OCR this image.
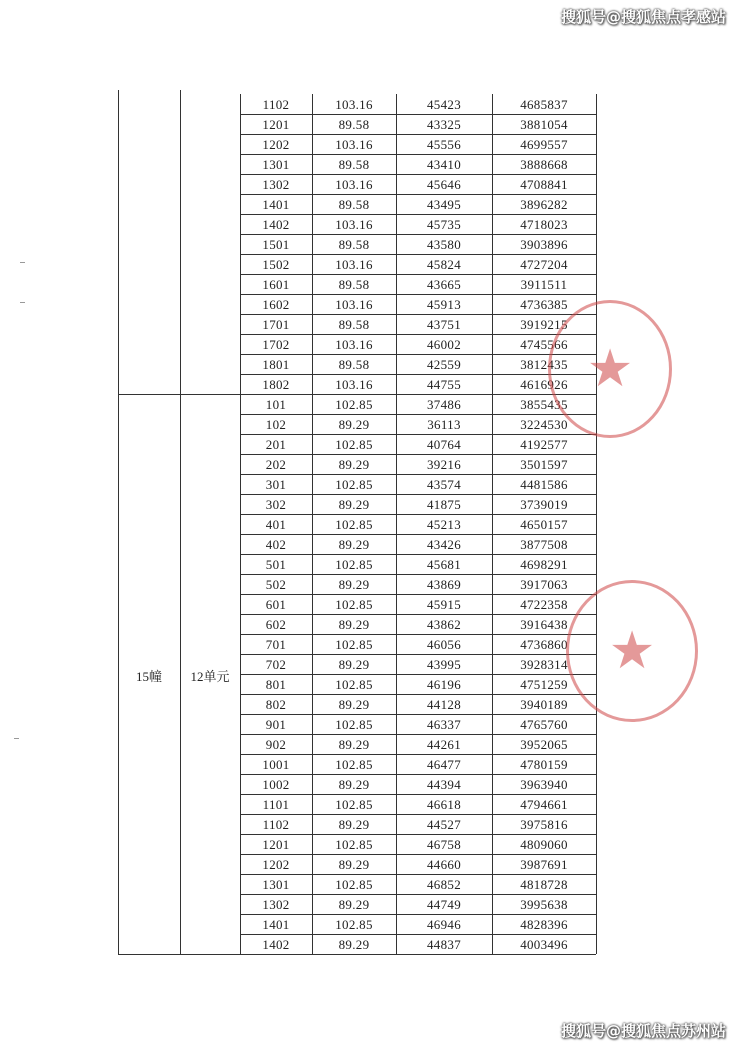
搜狐号@搜狐焦点孝感站
1102	103.16	45423	4685837
1201	89.58	43325	3881054
1202	103.16	45556	4699557
1301	89.58	43410	3888668
1302	103.16	45646	4708841
1401	89.58	43495	3896282
1402	103.16	45735	4718023
1501	89.58	43580	3903896
1502	103.16	45824	4727204
1601	89.58	43665	3911511
1602	103.16	45913	4736385
1701	89.58	43751	3919215
1702	103.16	46002	4745566
1801	89.58	42559	3812435
1802	103.16	44755	4616926
101	102.85	37486	3855435
102	89.29	36113	3224530
201	102.85	40764	4192577
202	89.29	39216	3501597
301	102.85	43574	4481586
302	89.29	41875	3739019
401	102.85	45213	4650157
402	89.29	43426	3877508
501	102.85	45681	4698291
502	89.29	43869	3917063
601	102.85	45915	4722358
602	89.29	43862	3916438
701	102.85	46056	4736860
702	89.29	43995	3928314
801	102.85	46196	4751259
802	89.29	44128	3940189
901	102.85	46337	4765760
902	89.29	44261	3952065
1001	102.85	46477	4780159
1002	89.29	44394	3963940
1101	102.85	46618	4794661
1102	89.29	44527	3975816
1201	102.85	46758	4809060
1202	89.29	44660	3987691
1301	102.85	46852	4818728
1302	89.29	44749	3995638
1401	102.85	46946	4828396
1402	89.29	44837	4003496
15幢	12单元
★
★
搜狐号@搜狐焦点苏州站
